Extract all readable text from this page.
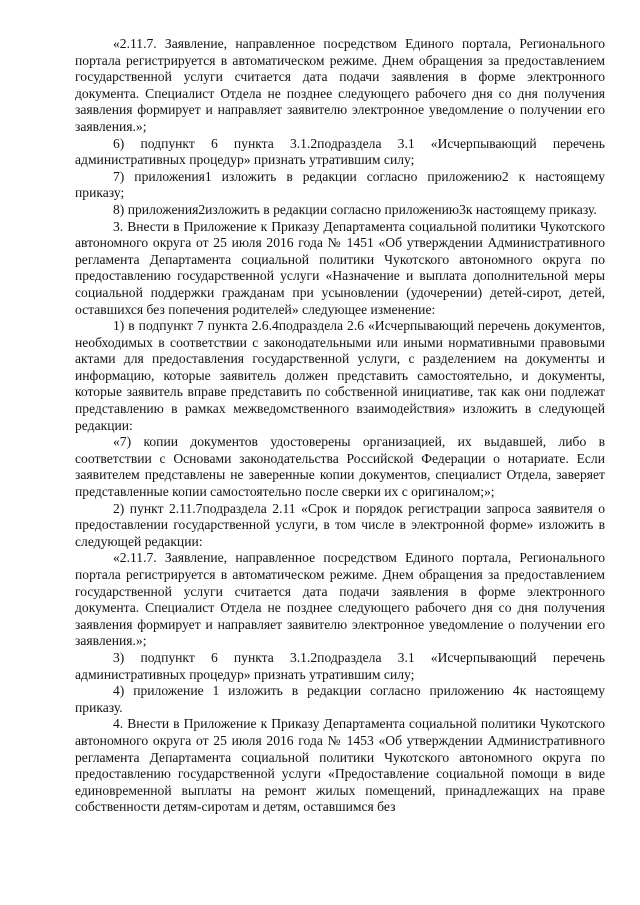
«2.11.7. Заявление, направленное посредством Единого портала, Регионального портала регистрируется в автоматическом режиме. Днем обращения за предоставлением государственной услуги считается дата подачи заявления в форме электронного документа. Специалист Отдела не позднее следующего рабочего дня со дня получения заявления формирует и направляет заявителю электронное уведомление о получении его заявления.»;

6) подпункт 6 пункта 3.1.2подраздела 3.1 «Исчерпывающий перечень административных процедур» признать утратившим силу;

7) приложения1 изложить в редакции согласно приложению2 к настоящему приказу;

8) приложения2изложить в редакции согласно приложению3к настоящему приказу.

3. Внести в Приложение к Приказу Департамента социальной политики Чукотского автономного округа от 25 июля 2016 года № 1451 «Об утверждении Административного регламента Департамента социальной политики Чукотского автономного округа по предоставлению государственной услуги «Назначение и выплата дополнительной меры социальной поддержки гражданам при усыновлении (удочерении) детей-сирот, детей, оставшихся без попечения родителей» следующее изменение:

1) в подпункт 7 пункта 2.6.4подраздела 2.6 «Исчерпывающий перечень документов, необходимых в соответствии с законодательными или иными нормативными правовыми актами для предоставления государственной услуги, с разделением на документы и информацию, которые заявитель должен представить самостоятельно, и документы, которые заявитель вправе представить по собственной инициативе, так как они подлежат представлению в рамках межведомственного взаимодействия» изложить в следующей редакции:

«7) копии документов удостоверены организацией, их выдавшей, либо в соответствии с Основами законодательства Российской Федерации о нотариате. Если заявителем представлены не заверенные копии документов, специалист Отдела, заверяет представленные копии самостоятельно после сверки их с оригиналом;»;

2) пункт 2.11.7подраздела 2.11 «Срок и порядок регистрации запроса заявителя о предоставлении государственной услуги, в том числе в электронной форме» изложить в следующей редакции:

«2.11.7. Заявление, направленное посредством Единого портала, Регионального портала регистрируется в автоматическом режиме. Днем обращения за предоставлением государственной услуги считается дата подачи заявления в форме электронного документа. Специалист Отдела не позднее следующего рабочего дня со дня получения заявления формирует и направляет заявителю электронное уведомление о получении его заявления.»;

3) подпункт 6 пункта 3.1.2подраздела 3.1 «Исчерпывающий перечень административных процедур» признать утратившим силу;

4) приложение 1 изложить в редакции согласно приложению 4к настоящему приказу.

4. Внести в Приложение к Приказу Департамента социальной политики Чукотского автономного округа от 25 июля 2016 года № 1453 «Об утверждении Административного регламента Департамента социальной политики Чукотского автономного округа по предоставлению государственной услуги «Предоставление социальной помощи в виде единовременной выплаты на ремонт жилых помещений, принадлежащих на праве собственности детям-сиротам и детям, оставшимся без
